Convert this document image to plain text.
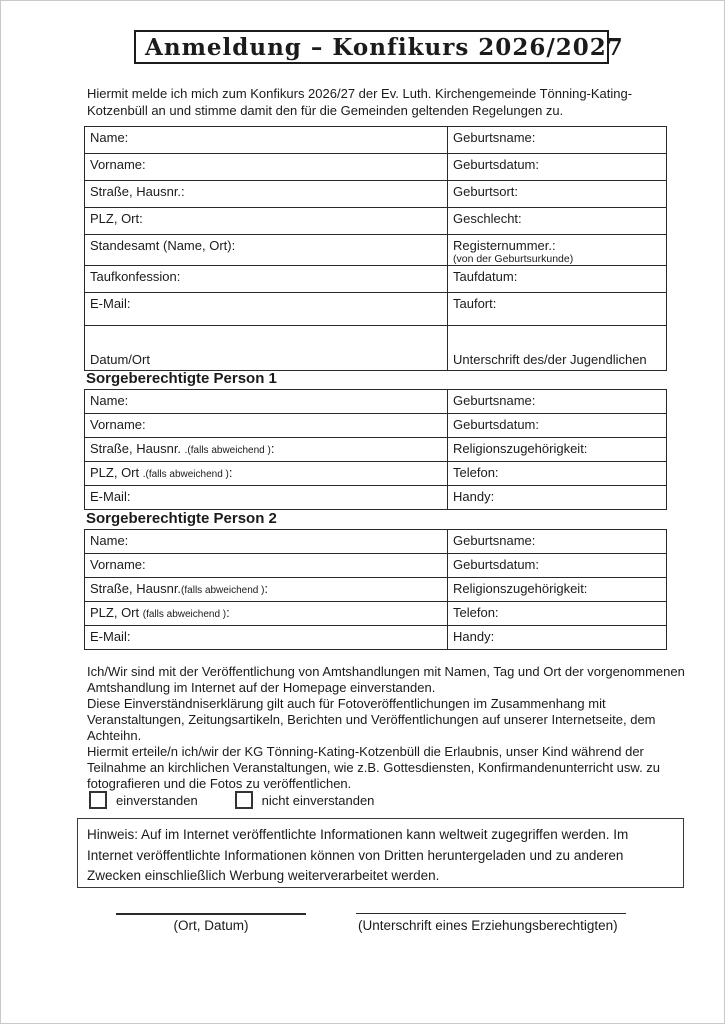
Anmeldung – Konfikurs 2026/2027

Hiermit melde ich mich zum Konfikurs 2026/27 der Ev. Luth. Kirchengemeinde Tönning-Kating-Kotzenbüll an und stimme damit den für die Gemeinden geltenden Regelungen zu.

Name:	Geburtsname:
Vorname:	Geburtsdatum:
Straße, Hausnr.:	Geburtsort:
PLZ, Ort:	Geschlecht:
Standesamt (Name, Ort):	Registernummer.:
(von der Geburtsurkunde)

Taufkonfession:	Taufdatum:
E-Mail:	Taufort:
Datum/Ort	Unterschrift des/der Jugendlichen
Sorgeberechtigte Person 1
Name:	Geburtsname:
Vorname:	Geburtsdatum:
Straße, Hausnr. .(falls abweichend ):	Religionszugehörigkeit:
PLZ, Ort .(falls abweichend ):	Telefon:
E-Mail:	Handy:
Sorgeberechtigte Person 2
Name:	Geburtsname:
Vorname:	Geburtsdatum:
Straße, Hausnr.(falls abweichend ):	Religionszugehörigkeit:
PLZ, Ort (falls abweichend ):	Telefon:
E-Mail:	Handy:

Ich/Wir sind mit der Veröffentlichung von Amtshandlungen mit Namen, Tag und Ort der vorgenommenen Amtshandlung im Internet auf der Homepage einverstanden.

Diese Einverständniserklärung gilt auch für Fotoveröffentlichungen im Zusammenhang mit Veranstaltungen, Zeitungsartikeln, Berichten und Veröffentlichungen auf unserer Internetseite, dem Achteihn.

Hiermit erteile/n ich/wir der KG Tönning-Kating-Kotzenbüll die Erlaubnis, unser Kind während der Teilnahme an kirchlichen Veranstaltungen, wie z.B. Gottesdiensten, Konfirmandenunterricht usw. zu fotografieren und die Fotos zu veröffentlichen.

einverstanden	nicht einverstanden
Hinweis: Auf im Internet veröffentlichte Informationen kann weltweit zugegriffen werden. Im Internet veröffentlichte Informationen können von Dritten heruntergeladen und zu anderen Zwecken einschließlich Werbung weiterverarbeitet werden.
(Ort, Datum)	(Unterschrift eines Erziehungsberechtigten)
